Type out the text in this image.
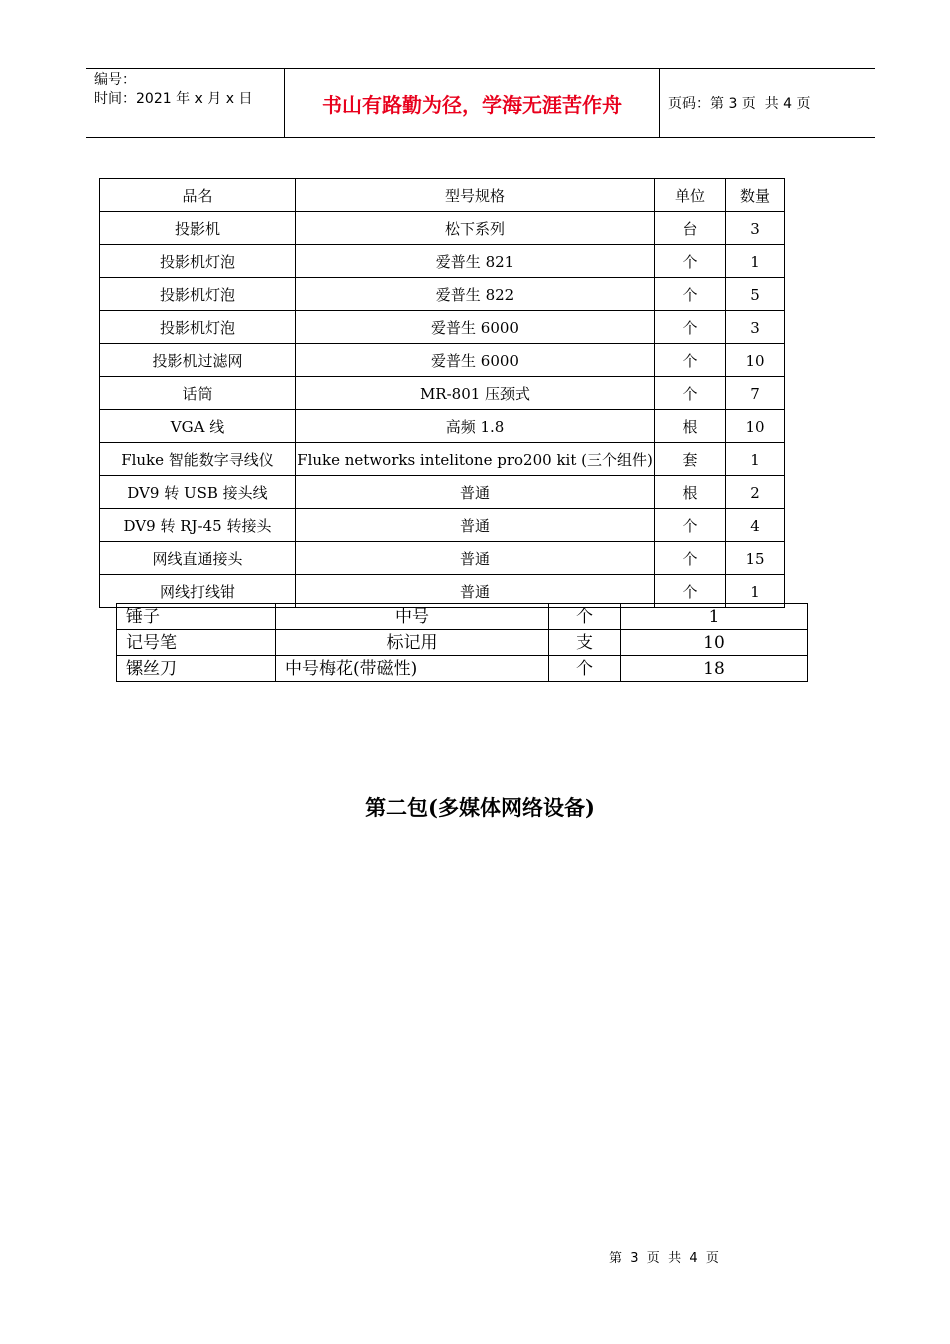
编号：
时间：2021 年 x 月 x 日	书山有路勤为径，学海无涯苦作舟	页码：第 3 页  共 4 页
品名	型号规格	单位	数量
投影机	松下系列	台	3
投影机灯泡	爱普生 821	个	1
投影机灯泡	爱普生 822	个	5
投影机灯泡	爱普生 6000	个	3
投影机过滤网	爱普生 6000	个	10
话筒	MR-801 压颈式	个	7
VGA 线	高频 1.8	根	10
Fluke 智能数字寻线仪	Fluke networks intelitone pro200 kit (三个组件)	套	1
DV9 转 USB 接头线	普通	根	2
DV9 转 RJ-45 转接头	普通	个	4
网线直通接头	普通	个	15
网线打线钳	普通	个	1
锤子	中号	个	1
记号笔	标记用	支	10
镙丝刀	中号梅花(带磁性)	个	18
第二包(多媒体网络设备)
第  3  页  共  4  页
